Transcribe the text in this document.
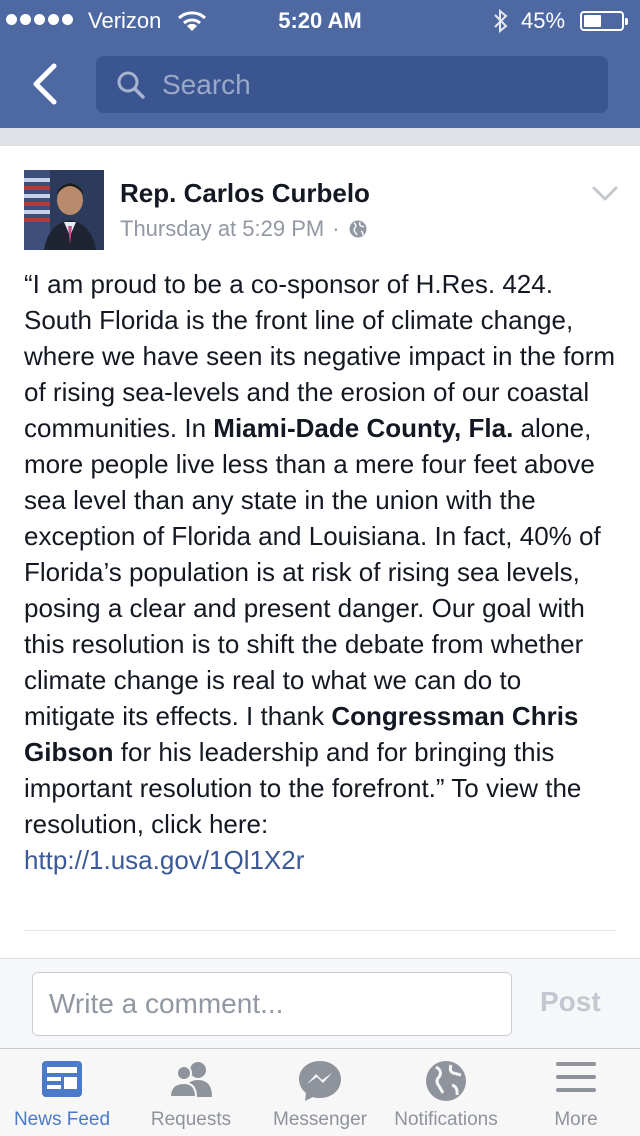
Verizon	5:20 AM	45%
Search
Rep. Carlos Curbelo
Thursday at 5:29 PM ·
“I am proud to be a co-sponsor of H.Res. 424. South Florida is the front line of climate change, where we have seen its negative impact in the form of rising sea-levels and the erosion of our coastal communities. In Miami-Dade County, Fla. alone, more people live less than a mere four feet above sea level than any state in the union with the exception of Florida and Louisiana. In fact, 40% of Florida’s population is at risk of rising sea levels, posing a clear and present danger. Our goal with this resolution is to shift the debate from whether climate change is real to what we can do to mitigate its effects. I thank Congressman Chris Gibson for his leadership and for bringing this important resolution to the forefront.” To view the resolution, click here:
http://1.usa.gov/1Ql1X2r
Write a comment...	Post
News Feed	Requests	Messenger	Notifications	More
